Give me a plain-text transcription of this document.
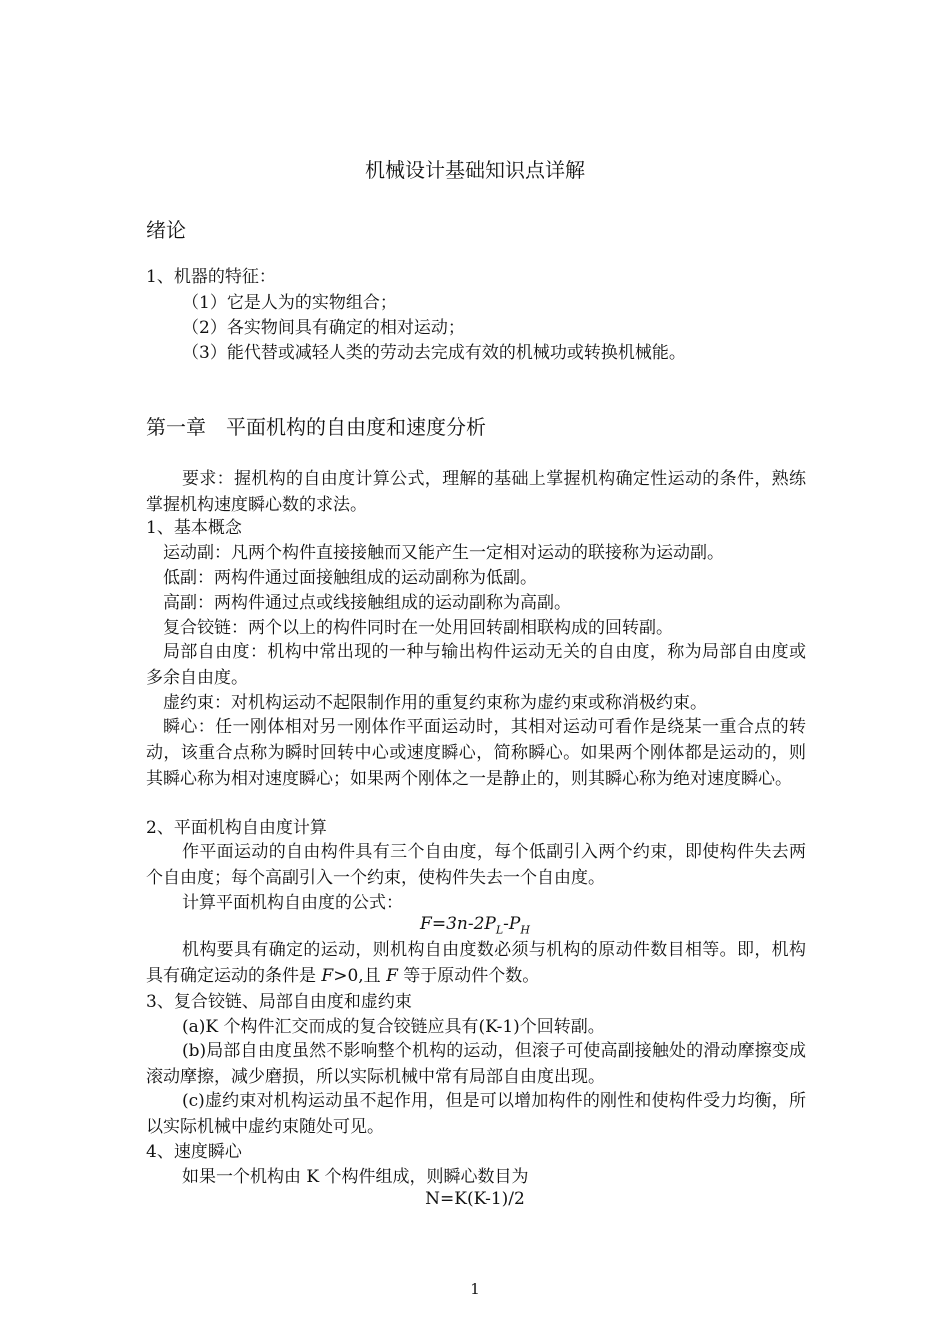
机械设计基础知识点详解
绪论
1、机器的特征：
（1）它是人为的实物组合；
（2）各实物间具有确定的相对运动；
（3）能代替或减轻人类的劳动去完成有效的机械功或转换机械能。
第一章　平面机构的自由度和速度分析
要求：握机构的自由度计算公式，理解的基础上掌握机构确定性运动的条件，熟练掌握机构速度瞬心数的求法。
1、基本概念
运动副：凡两个构件直接接触而又能产生一定相对运动的联接称为运动副。
低副：两构件通过面接触组成的运动副称为低副。
高副：两构件通过点或线接触组成的运动副称为高副。
复合铰链：两个以上的构件同时在一处用回转副相联构成的回转副。
局部自由度：机构中常出现的一种与输出构件运动无关的自由度，称为局部自由度或多余自由度。
虚约束：对机构运动不起限制作用的重复约束称为虚约束或称消极约束。
瞬心：任一刚体相对另一刚体作平面运动时，其相对运动可看作是绕某一重合点的转动，该重合点称为瞬时回转中心或速度瞬心，简称瞬心。如果两个刚体都是运动的，则其瞬心称为相对速度瞬心；如果两个刚体之一是静止的，则其瞬心称为绝对速度瞬心。
2、平面机构自由度计算
作平面运动的自由构件具有三个自由度，每个低副引入两个约束，即使构件失去两个自由度；每个高副引入一个约束，使构件失去一个自由度。
计算平面机构自由度的公式：
$F=3n-2P_L-P_H$
机构要具有确定的运动，则机构自由度数必须与机构的原动件数目相等。即，机构具有确定运动的条件是 F>0,且 F 等于原动件个数。
3、复合铰链、局部自由度和虚约束
(a)K 个构件汇交而成的复合铰链应具有(K-1)个回转副。
(b)局部自由度虽然不影响整个机构的运动，但滚子可使高副接触处的滑动摩擦变成滚动摩擦，减少磨损，所以实际机械中常有局部自由度出现。
(c)虚约束对机构运动虽不起作用，但是可以增加构件的刚性和使构件受力均衡，所以实际机械中虚约束随处可见。
4、速度瞬心
如果一个机构由 K 个构件组成，则瞬心数目为
N=K(K-1)/2
1
